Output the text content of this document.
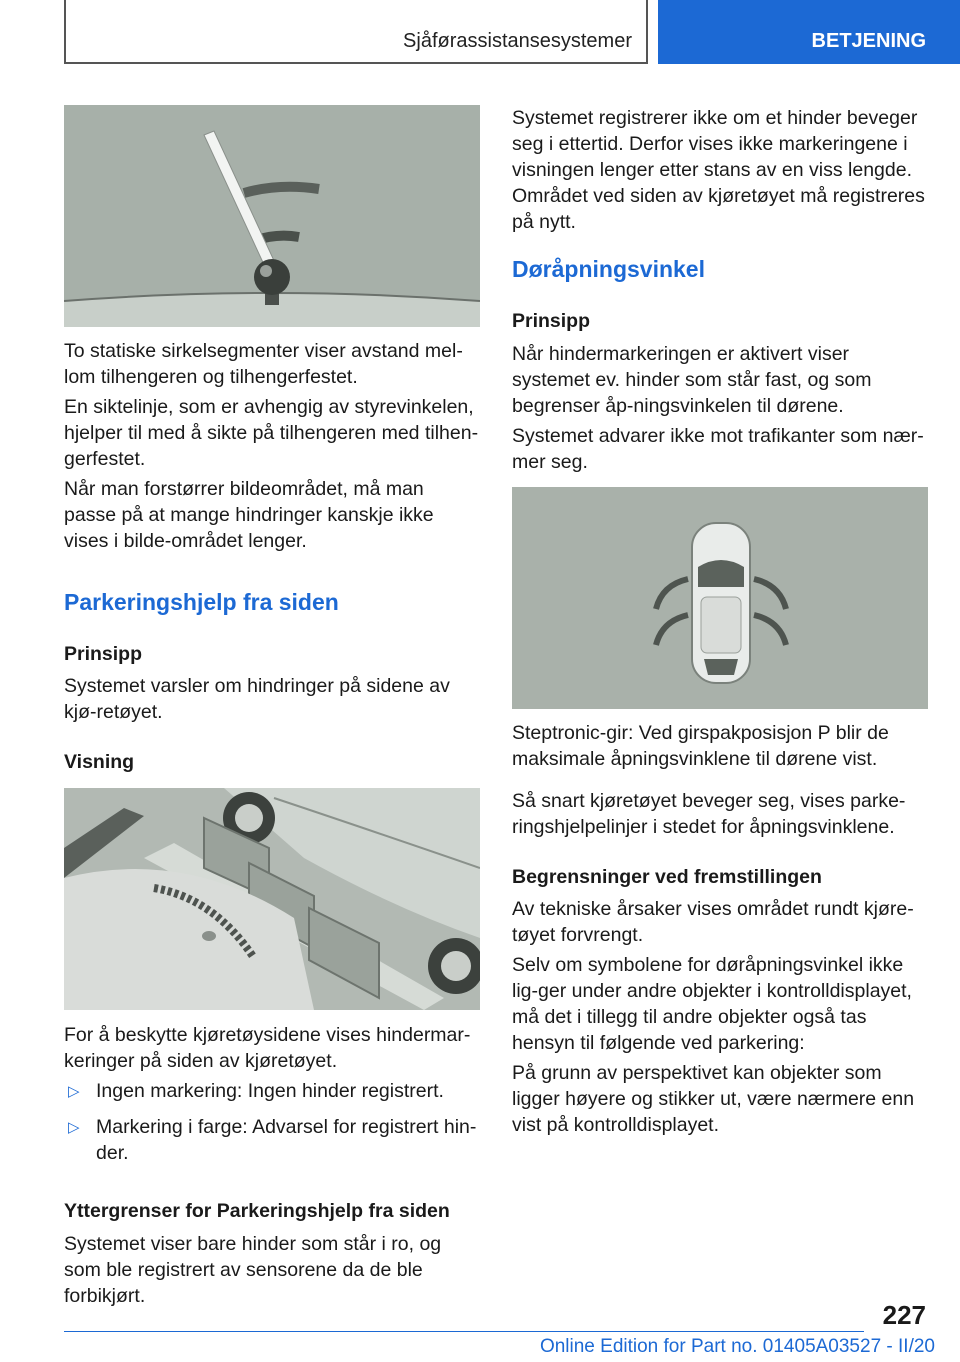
Sjåførassistansesystemer	BETJENING

To statiske sirkelsegmenter viser avstand mel-lom tilhengeren og tilhengerfestet.

En siktelinje, som er avhengig av styrevinkelen, hjelper til med å sikte på tilhengeren med tilhen-gerfestet.

Når man forstørrer bildeområdet, må man passe på at mange hindringer kanskje ikke vises i bilde-området lenger.

Parkeringshjelp fra siden
Prinsipp

Systemet varsler om hindringer på sidene av kjø-retøyet.

Visning

For å beskytte kjøretøysidene vises hindermar-keringer på siden av kjøretøyet.

▷ Ingen markering: Ingen hinder registrert.
▷ Markering i farge: Advarsel for registrert hin-der.
Yttergrenser for Parkeringshjelp fra siden

Systemet viser bare hinder som står i ro, og som ble registrert av sensorene da de ble forbikjørt.

Systemet registrerer ikke om et hinder beveger seg i ettertid. Derfor vises ikke markeringene i visningen lenger etter stans av en viss lengde. Området ved siden av kjøretøyet må registreres på nytt.

Døråpningsvinkel
Prinsipp

Når hindermarkeringen er aktivert viser systemet ev. hinder som står fast, og som begrenser åp-ningsvinkelen til dørene.

Systemet advarer ikke mot trafikanter som nær-mer seg.

Steptronic-gir: Ved girspakposisjon P blir de maksimale åpningsvinklene til dørene vist.

Så snart kjøretøyet beveger seg, vises parke-ringshjelpelinjer i stedet for åpningsvinklene.

Begrensninger ved fremstillingen

Av tekniske årsaker vises området rundt kjøre-tøyet forvrengt.

Selv om symbolene for døråpningsvinkel ikke lig-ger under andre objekter i kontrolldisplayet, må det i tillegg til andre objekter også tas hensyn til følgende ved parkering:

På grunn av perspektivet kan objekter som ligger høyere og stikker ut, være nærmere enn vist på kontrolldisplayet.

227
Online Edition for Part no. 01405A03527 - II/20
